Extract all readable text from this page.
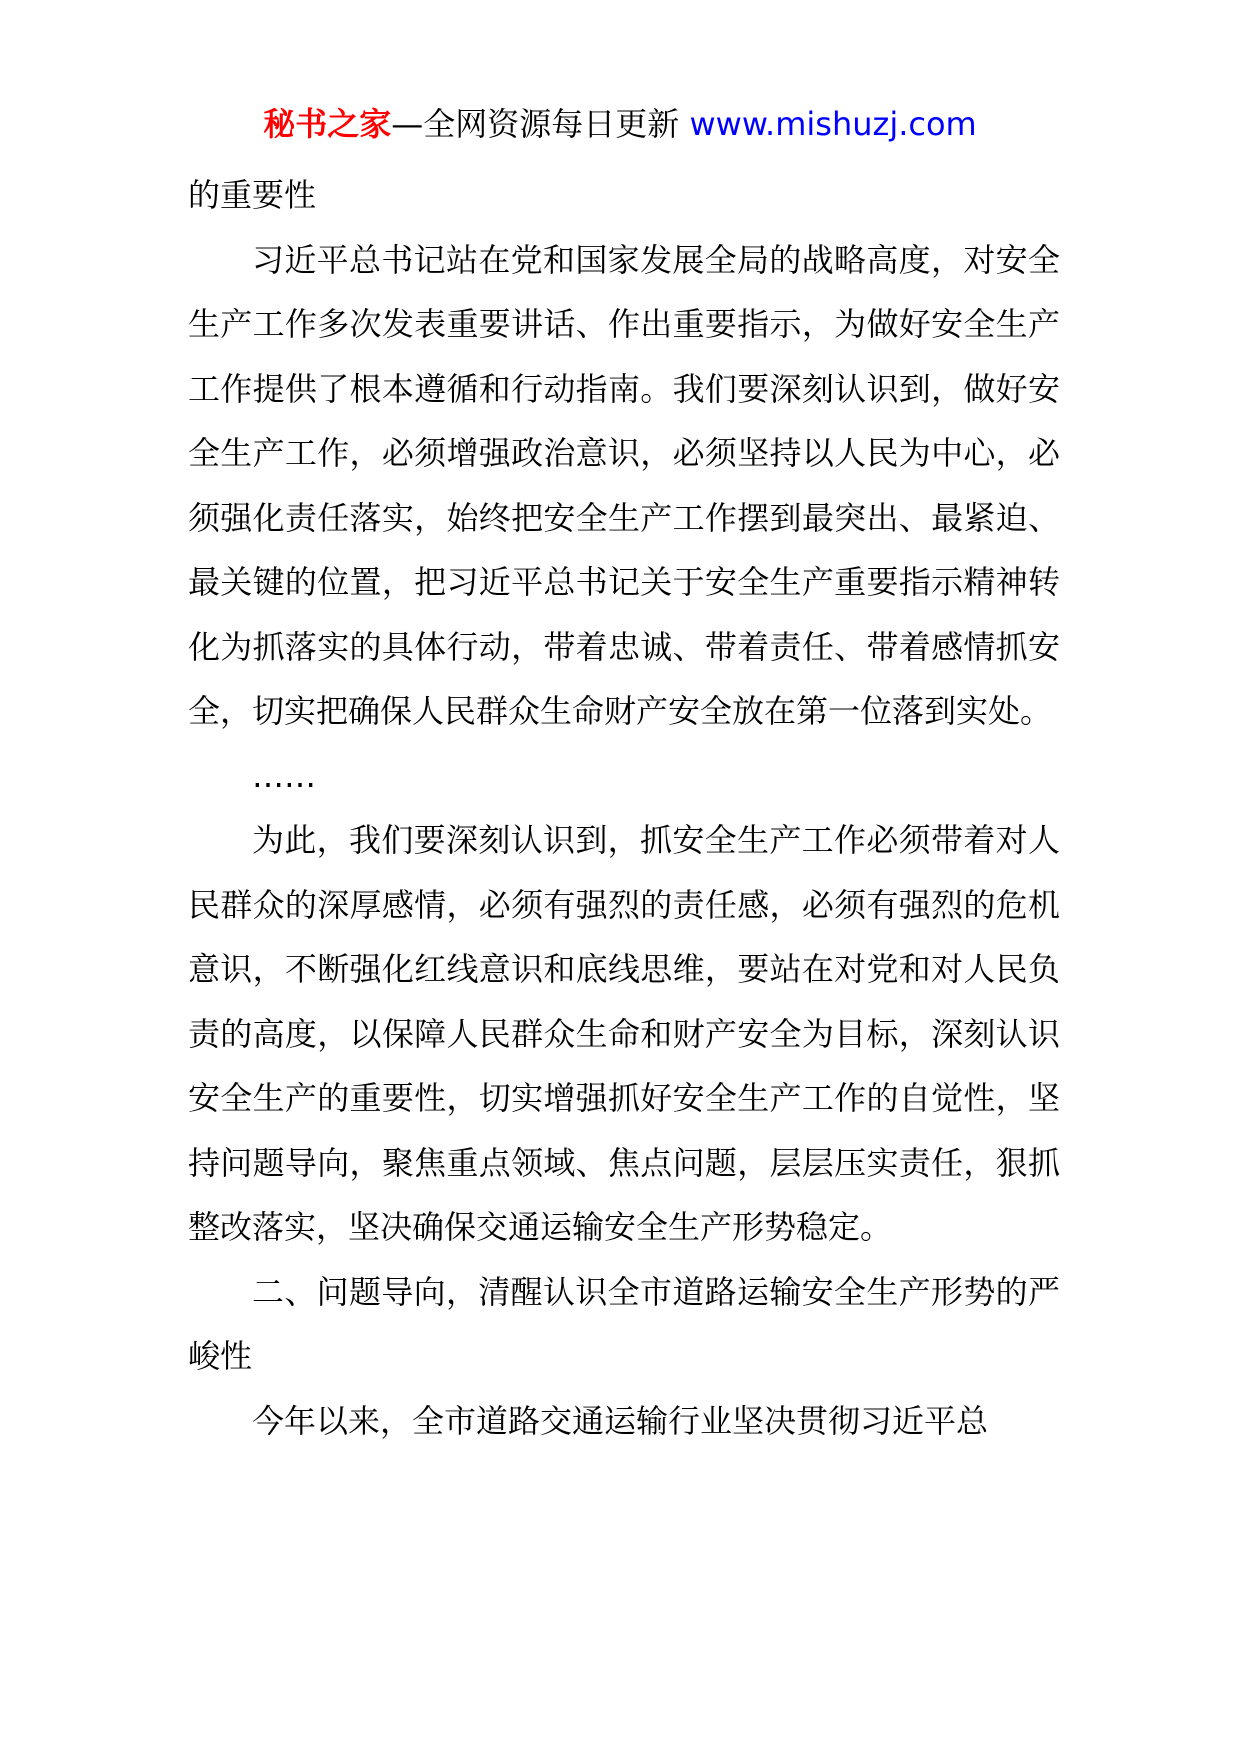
秘书之家—全网资源每日更新 www.mishuzj.com

的重要性

习近平总书记站在党和国家发展全局的战略高度，对安全生产工作多次发表重要讲话、作出重要指示，为做好安全生产工作提供了根本遵循和行动指南。我们要深刻认识到，做好安全生产工作，必须增强政治意识，必须坚持以人民为中心，必须强化责任落实，始终把安全生产工作摆到最突出、最紧迫、最关键的位置，把习近平总书记关于安全生产重要指示精神转化为抓落实的具体行动，带着忠诚、带着责任、带着感情抓安全，切实把确保人民群众生命财产安全放在第一位落到实处。

……

为此，我们要深刻认识到，抓安全生产工作必须带着对人民群众的深厚感情，必须有强烈的责任感，必须有强烈的危机意识，不断强化红线意识和底线思维，要站在对党和对人民负责的高度，以保障人民群众生命和财产安全为目标，深刻认识安全生产的重要性，切实增强抓好安全生产工作的自觉性，坚持问题导向，聚焦重点领域、焦点问题，层层压实责任，狠抓整改落实，坚决确保交通运输安全生产形势稳定。

二、问题导向，清醒认识全市道路运输安全生产形势的严峻性

今年以来，全市道路交通运输行业坚决贯彻习近平总
